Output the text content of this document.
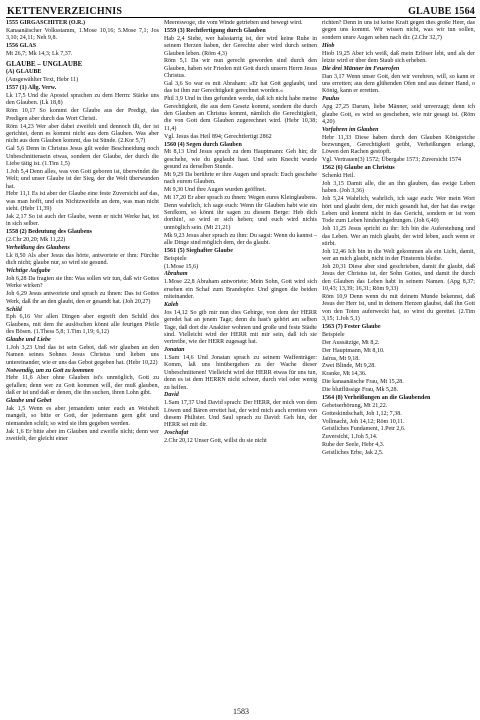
KETTENVERZEICHNIS	GLAUBE 1564

1555 GIRGASCHITER (O.R.)

Kanaanäischer Volksstamm, 1.Mose 10,16; 5.Mose 7,1; Jos 3,10; 24,11; Neh 9,8.

1556 GLAS

Mt 26,7; Mk 14,3; Lk 7,37.

GLAUBE – UNGLAUBE

(A) GLAUBE

(Ausgewählter Text, Hebr 11)

1557 (1) Allg. Verw.

Lk 17,5 Und die Apostel sprachen zu dem Herrn: Stärke uns den Glauben. (Lk 18,8)

Röm 10,17 So kommt der Glaube aus der Predigt, das Predigen aber durch das Wort Christi.

Röm 14,23 Wer aber dabei zweifelt und dennoch ißt, der ist gerichtet, denn es kommt nicht aus dem Glauben. Was aber nicht aus dem Glauben kommt, das ist Sünde. (2.Kor 5,7)

Gal 5,6 Denn in Christus Jesus gilt weder Beschneidung noch Unbeschnittensein etwas, sondern der Glaube, der durch die Liebe tätig ist. (1.Tim 1,5)

1.Joh 5,4 Denn alles, was von Gott geboren ist, überwindet die Welt; und unser Glaube ist der Sieg, der die Welt überwunden hat.

Hebr 11,1 Es ist aber der Glaube eine feste Zuversicht auf das, was man hofft, und ein Nichtzweifeln an dem, was man nicht sieht. (Hebr 11,39)

Jak 2,17 So ist auch der Glaube, wenn er nicht Werke hat, tot in sich selber.

1558 (2) Bedeutung des Glaubens

(2.Chr 20,20; Mk 11,22)

Verheißung des Glaubens

Lk 8,50 Als aber Jesus das hörte, antwortete er ihm: Fürchte dich nicht; glaube nur, so wird sie gesund.

Wichtige Aufgabe

Joh 6,28 Da fragten sie ihn: Was sollen wir tun, daß wir Gottes Werke wirken?

Joh 6,29 Jesus antwortete und sprach zu ihnen: Das ist Gottes Werk, daß ihr an den glaubt, den er gesandt hat. (Joh 20,27)

Schild

Eph 6,16 Vor allen Dingen aber ergreift den Schild des Glaubens, mit dem ihr auslöschen könnt alle feurigen Pfeile des Bösen. (1.Thess 5,8; 1.Tim 1,19; 6,12)

Glaube und Liebe

1.Joh 3,23 Und das ist sein Gebot, daß wir glauben an den Namen seines Sohnes Jesus Christus und lieben uns untereinander, wie er uns das Gebot gegeben hat. (Hebr 10,22)

Notwendig, um zu Gott zu kommen

Hebr 11,6 Aber ohne Glauben ist's unmöglich, Gott zu gefallen; denn wer zu Gott kommen will, der muß glauben, daß er ist und daß er denen, die ihn suchen, ihren Lohn gibt.

Glaube und Gebet

Jak 1,5 Wenn es aber jemandem unter euch an Weisheit mangelt, so bitte er Gott, der jedermann gern gibt und niemanden schilt; so wird sie ihm gegeben werden.

Jak 1,6 Er bitte aber im Glauben und zweifle nicht; denn wer zweifelt, der gleicht einer

Meereswoge, die vom Winde getrieben und bewegt wird.

1559 (3) Rechtfertigung durch Glauben

Hab 2,4 Siehe, wer halsstarrig ist, der wird keine Ruhe in seinem Herzen haben, der Gerechte aber wird durch seinen Glauben leben. (Röm 4,3)

Röm 5,1 Da wir nun gerecht geworden sind durch den Glauben, haben wir Frieden mit Gott durch unsern Herrn Jesus Christus.

Gal 3,6 So war es mit Abraham: »Er hat Gott geglaubt, und das ist ihm zur Gerechtigkeit gerechnet worden.«

Phil 3,9 Und in ihm gefunden werde, daß ich nicht habe meine Gerechtigkeit, die aus dem Gesetz kommt, sondern die durch den Glauben an Christus kommt, nämlich die Gerechtigkeit, die von Gott dem Glauben zugerechnet wird. (Hebr 10,38; 11,4)

Vgl. Jesus das Heil 894; Gerechtfertigt 2862

1560 (4) Segen durch Glauben

Mt 8,13 Und Jesus sprach zu dem Hauptmann: Geh hin; dir geschehe, wie du geglaubt hast. Und sein Knecht wurde gesund zu derselben Stunde.

Mt 9,29 Da berührte er ihre Augen und sprach: Euch geschehe nach eurem Glauben.

Mt 9,30 Und ihre Augen wurden geöffnet.

Mt 17,20 Er aber sprach zu ihnen: Wegen eures Kleinglaubens. Denn wahrlich, ich sage euch: Wenn ihr Glauben habt wie ein Senfkorn, so könnt ihr sagen zu diesem Berge: Heb dich dorthin!, so wird er sich heben; und euch wird nichts unmöglich sein. (Mt 21,21)

Mk 9,23 Jesus aber sprach zu ihm: Du sagst: Wenn du kannst – alle Dinge sind möglich dem, der da glaubt.

1561 (5) Sieghafter Glaube

Beispiele

(1.Mose 15,6)

Abraham

1.Mose 22,8 Abraham antwortete: Mein Sohn, Gott wird sich ersehen ein Schaf zum Brandopfer. Und gingen die beiden miteinander.

Kaleb

Jos 14,12 So gib mir nun dies Gebirge, von dem der HERR geredet hat an jenem Tage; denn du hast's gehört am selben Tage, daß dort die Anakiter wohnen und große und feste Städte sind. Vielleicht wird der HERR mit mir sein, daß ich sie vertreibe, wie der HERR zugesagt hat.

Jonatan

1.Sam 14,6 Und Jonatan sprach zu seinem Waffenträger: Komm, laß uns hinübergehen zu der Wache dieser Unbeschnittenen! Vielleicht wird der HERR etwas für uns tun, denn es ist dem HERRN nicht schwer, durch viel oder wenig zu helfen.

David

1.Sam 17,37 Und David sprach: Der HERR, der mich von dem Löwen und Bären errettet hat, der wird mich auch erretten von diesem Philister. Und Saul sprach zu David: Geh hin, der HERR sei mit dir.

Joschafat

2.Chr 20,12 Unser Gott, willst du sie nicht

richten? Denn in uns ist keine Kraft gegen dies große Heer, das gegen uns kommt. Wir wissen nicht, was wir tun sollen, sondern unsre Augen sehen nach dir. (2.Chr 32,7)

Hiob

Hiob 19,25 Aber ich weiß, daß mein Erlöser lebt, und als der letzte wird er über dem Staub sich erheben.

Die drei Männer im Feuerofen

Dan 3,17 Wenn unser Gott, den wir verehren, will, so kann er uns erretten; aus dem glühenden Ofen und aus deiner Hand, o König, kann er erretten.

Paulus

Apg 27,25 Darum, liebe Männer, seid unverzagt; denn ich glaube Gott, es wird so geschehen, wie mir gesagt ist. (Röm 4,20)

Vorfahren im Glauben

Hebr 11,33 Diese haben durch den Glauben Königreiche bezwungen, Gerechtigkeit geübt, Verheißungen erlangt, Löwen den Rachen gestopft.

Vgl. Vertrauen(3) 1572; Übergabe 1573; Zuversicht 1574

1562 (6) Glaube an Christus

Schenkt Heil.

Joh 3,15 Damit alle, die an ihn glauben, das ewige Leben haben. (Joh 3,36)

Joh 5,24 Wahrlich, wahrlich, ich sage euch: Wer mein Wort hört und glaubt dem, der mich gesandt hat, der hat das ewige Leben und kommt nicht in das Gericht, sondern er ist vom Tode zum Leben hindurchgedrungen. (Joh 6,40)

Joh 11,25 Jesus spricht zu ihr: Ich bin die Auferstehung und das Leben. Wer an mich glaubt, der wird leben, auch wenn er stirbt.

Joh 12,46 Ich bin in die Welt gekommen als ein Licht, damit, wer an mich glaubt, nicht in der Finsternis bleibe.

Joh 20,31 Diese aber sind geschrieben, damit ihr glaubt, daß Jesus der Christus ist, der Sohn Gottes, und damit ihr durch den Glauben das Leben habt in seinem Namen. (Apg 8,37; 10,43; 13,39; 16,31; Röm 9,33)

Röm 10,9 Denn wenn du mit deinem Munde bekennst, daß Jesus der Herr ist, und in deinem Herzen glaubst, daß ihn Gott von den Toten auferweckt hat, so wirst du gerettet. (2.Tim 3,15; 1.Joh 5,1)

1563 (7) Fester Glaube

Beispiele

Der Aussätzige, Mt 8,2.

Der Hauptmann, Mt 8,10.

Jaïrus, Mt 9,18.

Zwei Blinde, Mt 9,28.

Kranke, Mt 14,36.

Die kanaanäische Frau, Mt 15,28.

Die blutflüssige Frau, Mk 5,28.

1564 (8) Verheißungen an die Glaubenden

Gebetserhörung, Mt 21,22.

Gotteskindschaft, Joh 1,12; 7,38.

Vollmacht, Joh 14,12; Röm 10,11.

Geistliches Fundament, 1.Petr 2,6.

Zuversicht, 1.Joh 5,14.

Ruhe der Seele, Hebr 4,3.

Geistliches Erbe, Jak 2,5.

1583
